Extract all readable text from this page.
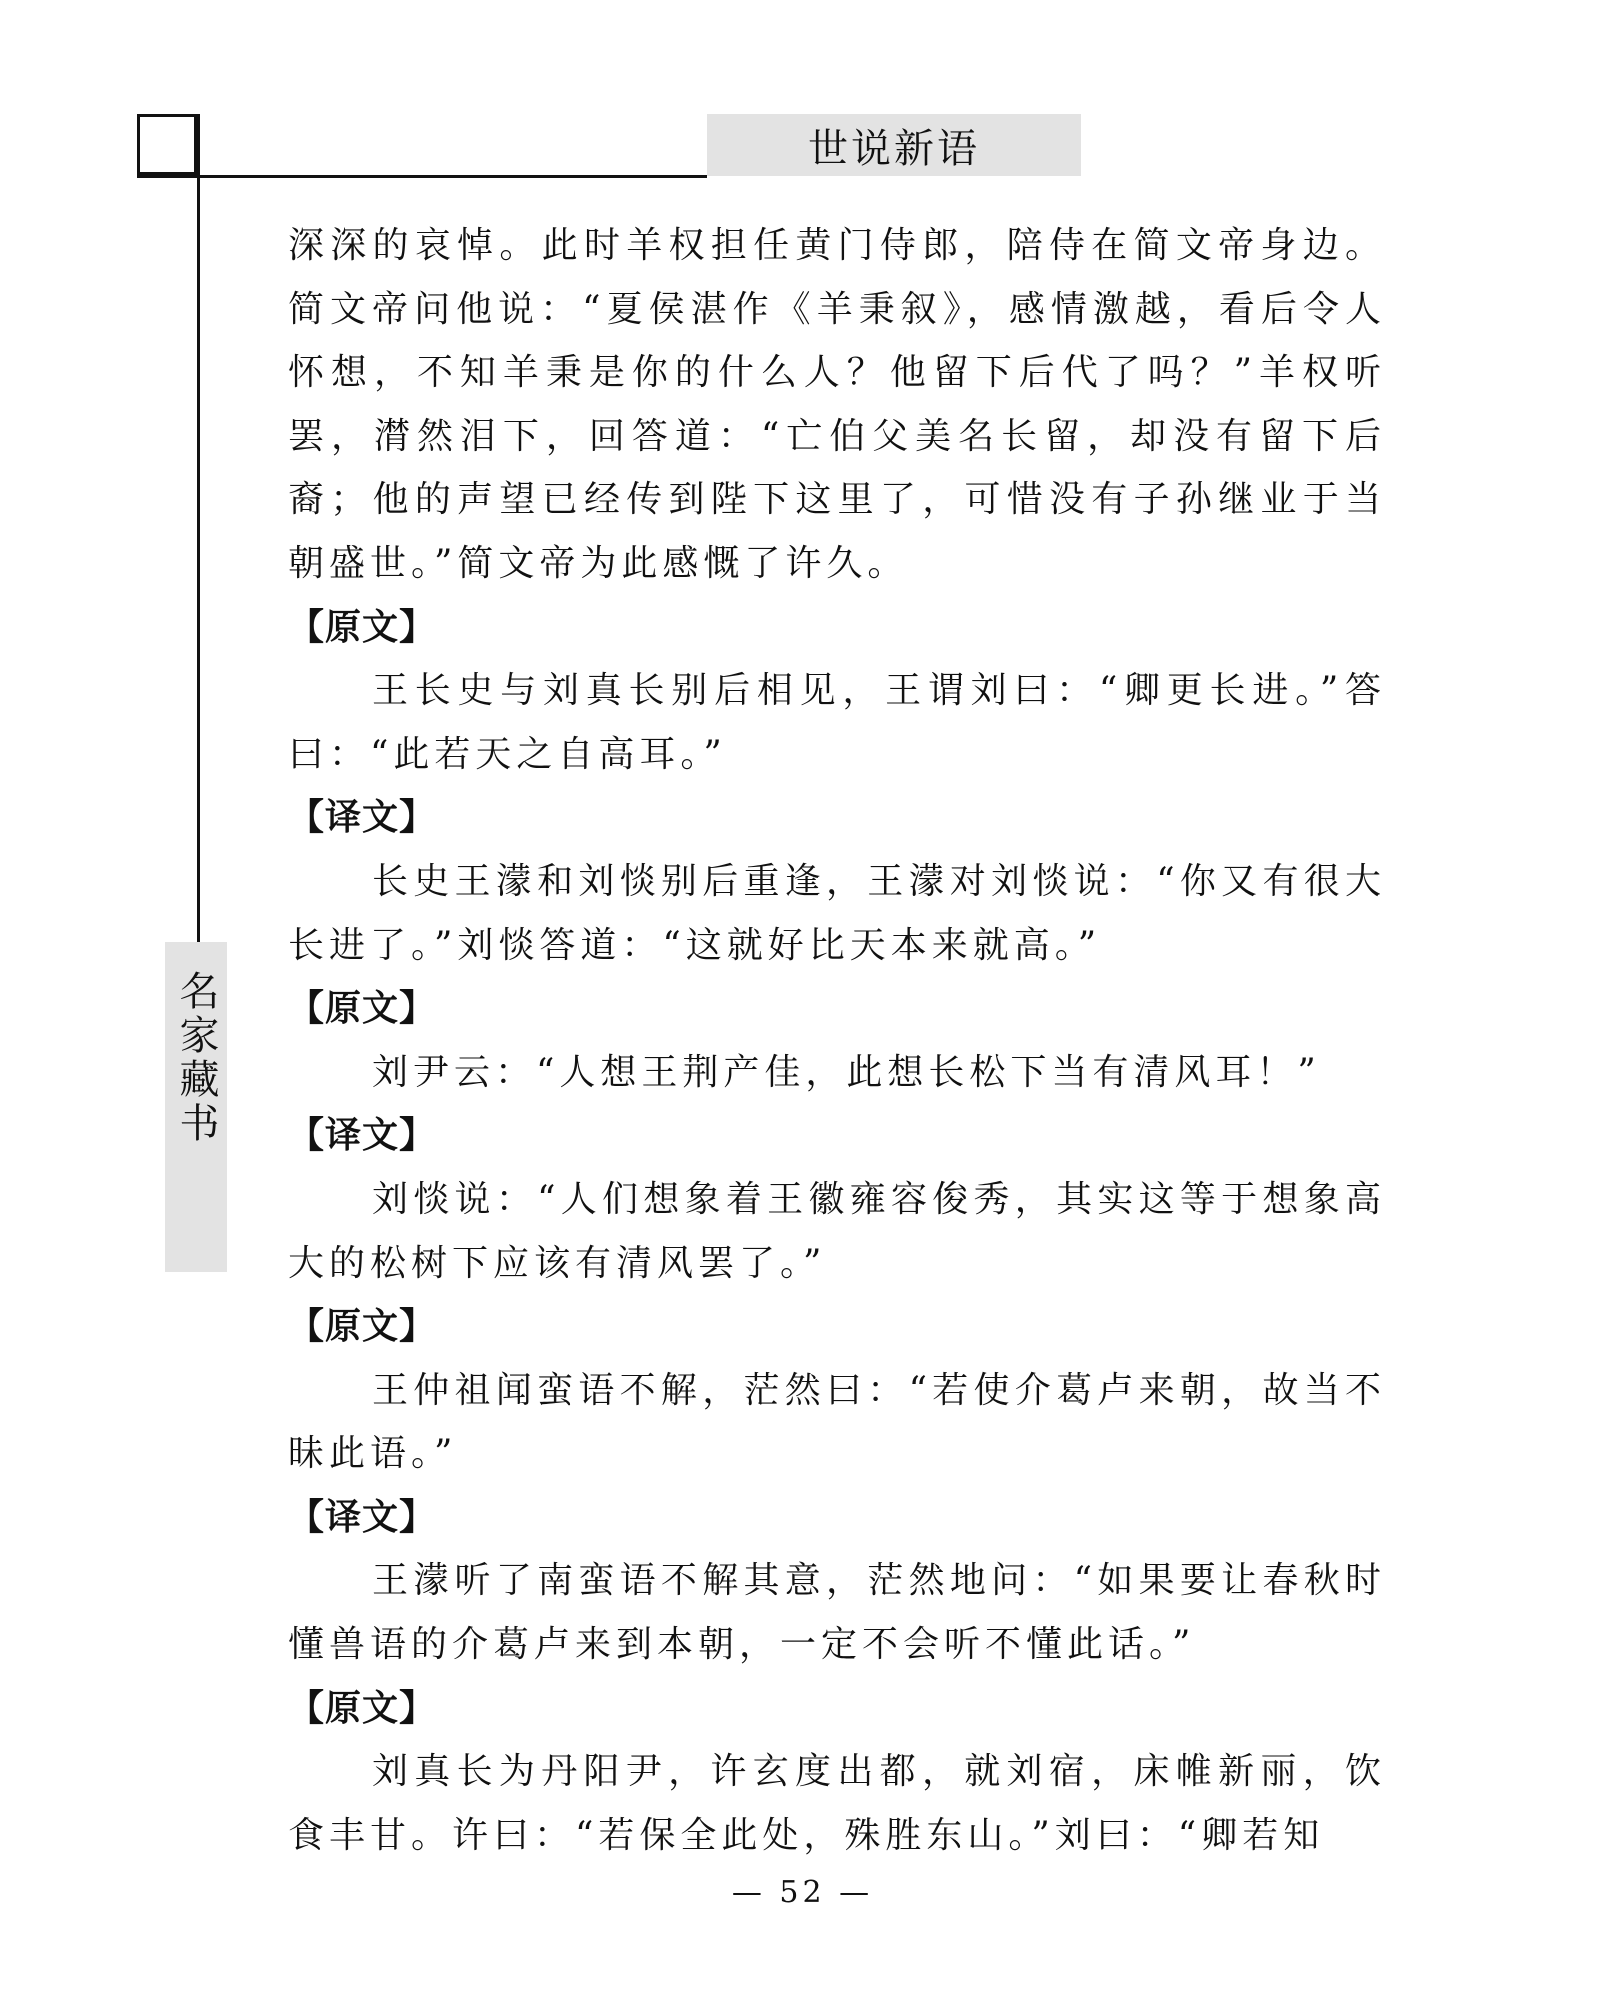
世说新语
名家藏书

深深的哀悼。此时羊权担任黄门侍郎，陪侍在简文帝身边。简文帝问他说：“夏侯湛作《羊秉叙》，感情激越，看后令人怀想，不知羊秉是你的什么人？他留下后代了吗？”羊权听罢，潸然泪下，回答道：“亡伯父美名长留，却没有留下后裔；他的声望已经传到陛下这里了，可惜没有子孙继业于当朝盛世。”简文帝为此感慨了许久。

【原文】

王长史与刘真长别后相见，王谓刘曰：“卿更长进。”答曰：“此若天之自高耳。”

【译文】

长史王濛和刘惔别后重逢，王濛对刘惔说：“你又有很大长进了。”刘惔答道：“这就好比天本来就高。”

【原文】

刘尹云：“人想王荆产佳，此想长松下当有清风耳！”

【译文】

刘惔说：“人们想象着王徽雍容俊秀，其实这等于想象高大的松树下应该有清风罢了。”

【原文】

王仲祖闻蛮语不解，茫然曰：“若使介葛卢来朝，故当不昧此语。”

【译文】

王濛听了南蛮语不解其意，茫然地问：“如果要让春秋时懂兽语的介葛卢来到本朝，一定不会听不懂此话。”

【原文】

刘真长为丹阳尹，许玄度出都，就刘宿，床帷新丽，饮食丰甘。许曰：“若保全此处，殊胜东山。”刘曰：“卿若知

— 52 —
